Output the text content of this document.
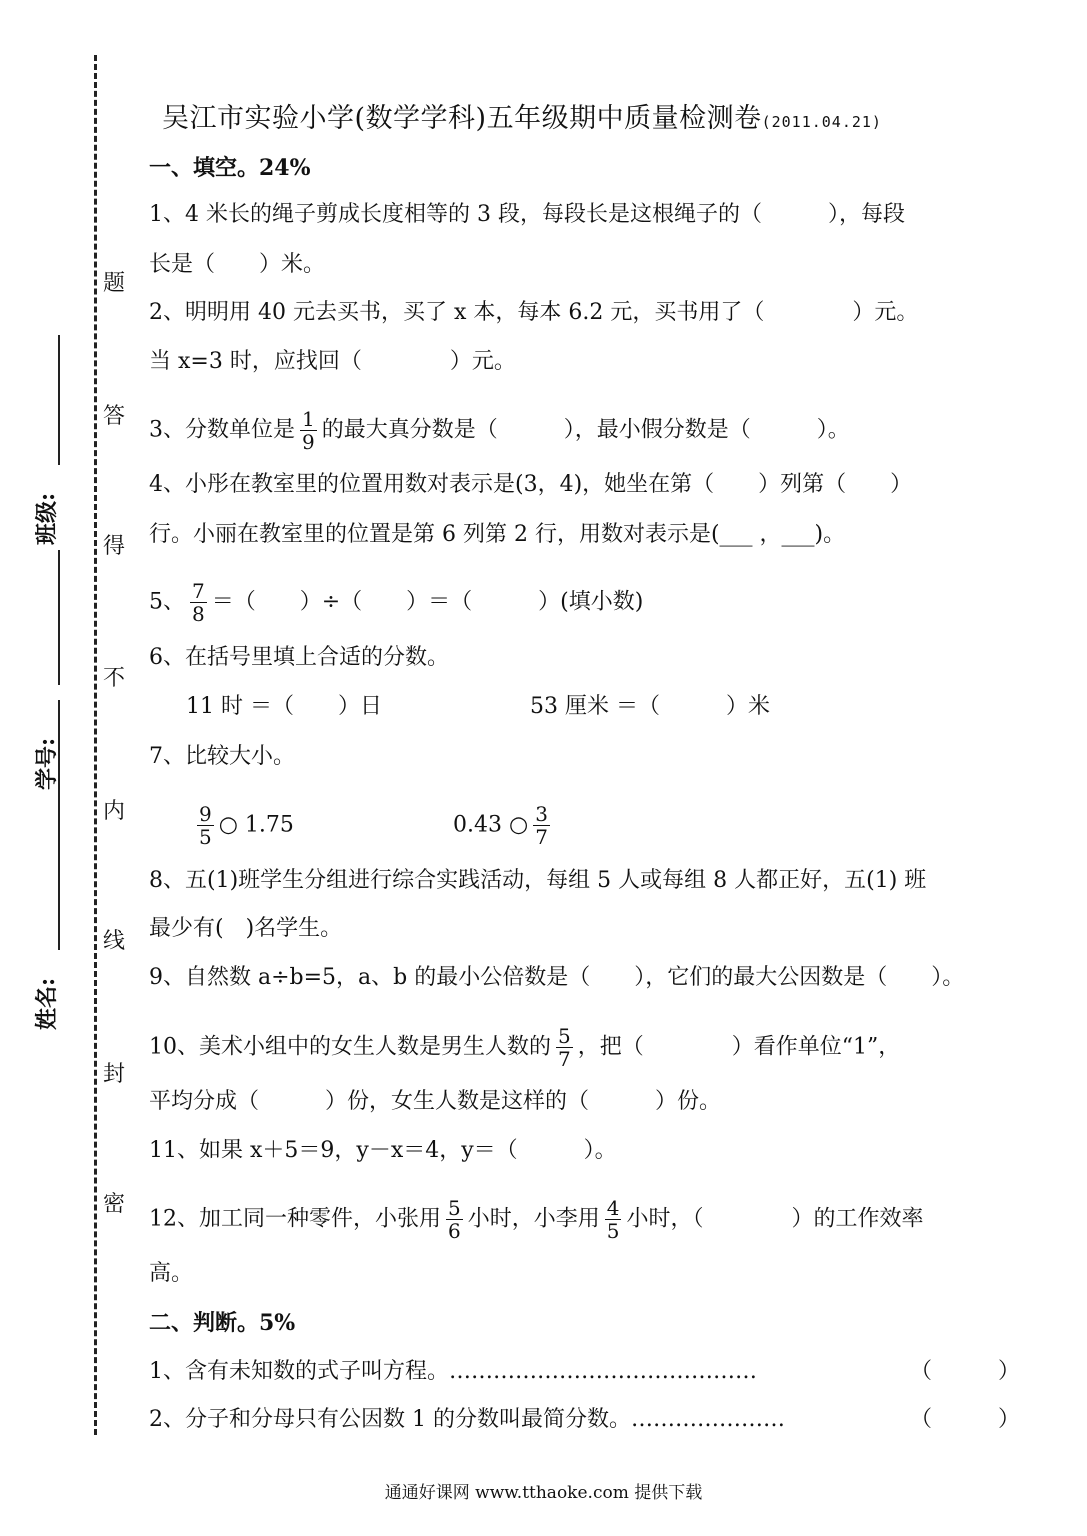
姓名:
学号:
班级:
题
答
得
不
内
线
封
密
吴江市实验小学(数学学科)五年级期中质量检测卷(2011.04.21)
一、填空。24%
1、4 米长的绳子剪成长度相等的 3 段，每段长是这根绳子的（　　　），每段
长是（　　）米。
2、明明用 40 元去买书，买了 x 本，每本 6.2 元，买书用了（　　　　）元。
当 x=3 时，应找回（　　　　）元。
3、分数单位是 $\frac{1}{9}$ 的最大真分数是（　　　），最小假分数是（　　　）。
4、小彤在教室里的位置用数对表示是(3，4)，她坐在第（　　）列第（　　）
行。小丽在教室里的位置是第 6 列第 2 行，用数对表示是(___ ，___)。
5、 $\frac{7}{8}$ ＝（　　）÷（　　）＝（　　　）(填小数)
6、在括号里填上合适的分数。
11 时 ＝（　　）日	53 厘米 ＝（　　　）米
7、比较大小。
$\frac{9}{5}$ ○ 1.75	0.43 ○ $\frac{3}{7}$
8、五(1)班学生分组进行综合实践活动，每组 5 人或每组 8 人都正好，五(1) 班
最少有(　)名学生。
9、自然数 a÷b=5，a、b 的最小公倍数是（　　），它们的最大公因数是（　　）。
10、美术小组中的女生人数是男生人数的 $\frac{5}{7}$ ，把（　　　　）看作单位“1”，
平均分成（　　　）份，女生人数是这样的（　　　）份。
11、如果 x＋5＝9，y－x＝4，y＝（　　　）。
12、加工同一种零件，小张用 $\frac{5}{6}$ 小时，小李用 $\frac{4}{5}$ 小时，（　　　　）的工作效率
高。
二、判断。5%
1、含有未知数的式子叫方程。……………………………………	（　　　）
2、分子和分母只有公因数 1 的分数叫最简分数。…………………	（　　　）
通通好课网 www.tthaoke.com 提供下载
